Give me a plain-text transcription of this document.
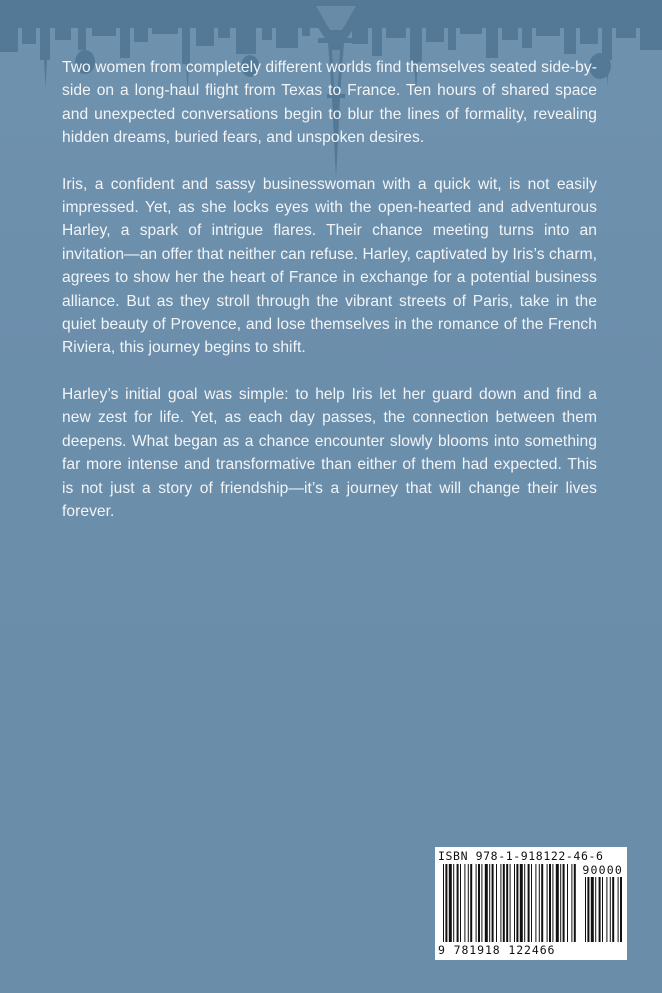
Two women from completely different worlds find themselves seated side-by-side on a long-haul flight from Texas to France. Ten hours of shared space and unexpected conversations begin to blur the lines of formality, revealing hidden dreams, buried fears, and unspoken desires.

Iris, a confident and sassy businesswoman with a quick wit, is not easily impressed. Yet, as she locks eyes with the open-hearted and adventurous Harley, a spark of intrigue flares. Their chance meeting turns into an invitation—an offer that neither can refuse. Harley, captivated by Iris’s charm, agrees to show her the heart of France in exchange for a potential business alliance. But as they stroll through the vibrant streets of Paris, take in the quiet beauty of Provence, and lose themselves in the romance of the French Riviera, this journey begins to shift.

Harley’s initial goal was simple: to help Iris let her guard down and find a new zest for life. Yet, as each day passes, the connection between them deepens. What began as a chance encounter slowly blooms into something far more intense and transformative than either of them had expected. This is not just a story of friendship—it’s a journey that will change their lives forever.

ISBN 978-1-918122-46-6
90000
9 781918 122466
